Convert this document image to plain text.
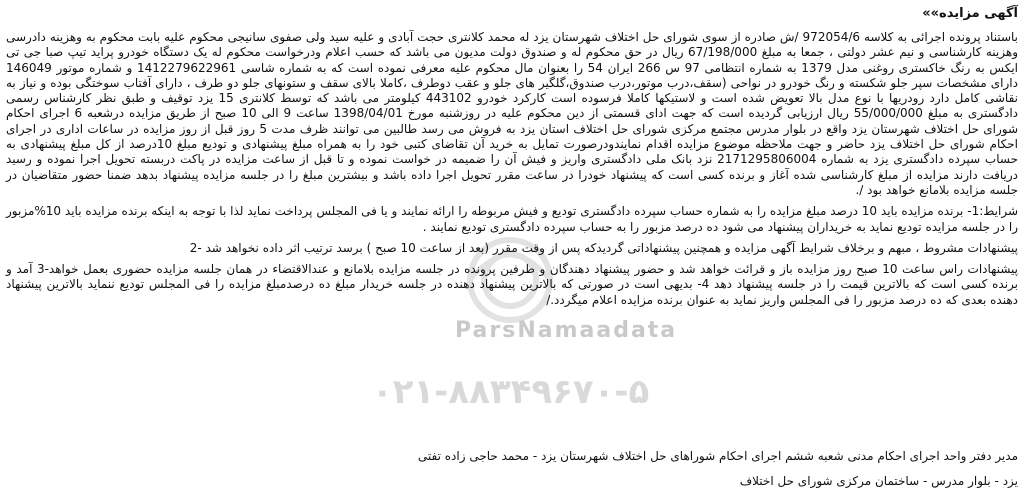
ParsNamaadata
۰۲۱-۸۸۳۴۹۶۷۰-۵
آگهی مزایده»»

باستناد پرونده اجرائی به کلاسه 972054/6 /ش صادره از سوی شورای حل اختلاف شهرستان یزد له محمد کلانتری حجت آبادی و علیه سید ولی صفوی سانیجی محکوم علیه بابت محکوم به وهزینه دادرسی وهزینه کارشناسی و نیم عشر دولتی ، جمعا به مبلغ 67/198/000 ریال در حق محکوم له و صندوق دولت مدیون می باشد که حسب اعلام ودرخواست محکوم له یک دستگاه خودرو پراید تیپ صبا جی تی ایکس به رنگ خاکستری روغنی مدل 1379 به شماره انتظامی 97 س 266 ایران 54 را بعنوان مال محکوم علیه معرفی نموده است که به شماره شاسی 1412279622961 و شماره موتور 146049 دارای مشخصات سپر جلو شکسته و رنگ خودرو در نواحی (سقف،درب موتور،درب صندوق،گلگیر های جلو و عقب دوطرف ،کاملا بالای سقف و ستونهای جلو دو طرف ، دارای آفتاب سوختگی بوده و نیاز به نقاشی کامل دارد رودریها با نوع مدل بالا تعویض شده است و لاستیکها کاملا فرسوده است کارکرد خودرو 443102 کیلومتر می باشد که توسط کلانتری 15 یزد توقیف و طبق نظر کارشناس رسمی دادگستری به مبلغ 55/000/000 ریال ارزیابی گردیده است که جهت ادای قسمتی از دین محکوم علیه در روزشنبه مورخ 1398/04/01 ساعت 9 الی 10 صبح از طریق مزایده درشعبه 6 اجرای احکام شورای حل اختلاف شهرستان یزد واقع در بلوار مدرس مجتمع مرکزی شورای حل اختلاف استان یزد به فروش می رسد طالبین می توانند ظرف مدت 5 روز قبل از روز مزایده در ساعات اداری در اجرای احکام شورای حل اختلاف یزد حاضر و جهت ملاحظه موضوع مزایده اقدام نمایندودرصورت تمایل به خرید آن تقاضای کتبی خود را به همراه مبلغ پیشنهادی و تودیع مبلغ 10درصد از کل مبلغ پیشنهادی به حساب سپرده دادگستری یزد به شماره 2171295806004 نزد بانک ملی دادگستری واریز و فیش آن را ضمیمه در خواست نموده و تا قبل از ساعت مزایده در پاکت دربسته تحویل اجرا نموده و رسید دریافت دارند مزایده از مبلغ کارشناسی شده آغاز و برنده کسی است که پیشنهاد خودرا در ساعت مقرر تحویل اجرا داده باشد و بیشترین مبلغ را در جلسه مزایده پیشنهاد بدهد ضمنا حضور متقاضیان در جلسه مزایده بلامانع خواهد بود /.

شرایط:1- برنده مزایده باید 10 درصد مبلغ مزایده را به شماره حساب سپرده دادگستری تودیع و فیش مربوطه را ارائه نمایند و یا فی المجلس پرداخت نماید لذا با توجه به اینکه برنده مزایده باید 10%مزبور را در جلسه مزایده تودیع نماید به خریداران پیشنهاد می شود ده درصد مزبور را به حساب سپرده دادگستری تودیع نمایند .

پیشنهادات مشروط ، مبهم و برخلاف شرایط آگهی مزایده و همچنین پیشنهاداتی گردیدکه پس از وقت مقرر (بعد از ساعت 10 صبح ) برسد ترتیب اثر داده نخواهد شد -2

پیشنهادات راس ساعت 10 صبح روز مزایده باز و قرائت خواهد شد و حضور پیشنهاد دهندگان و طرفین پرونده در جلسه مزایده بلامانع و عندالاقتضاء در همان جلسه مزایده حضوری بعمل خواهد-3 آمد و برنده کسی است که بالاترین قیمت را در جلسه پیشنهاد دهد 4- بدیهی است در صورتی که بالاترین پیشنهاد دهنده در جلسه خریدار مبلغ ده درصدمبلغ مزایده را فی المجلس تودیع ننماید بالاترین پیشنهاد دهنده بعدی که ده درصد مزبور را فی المجلس واریز نماید به عنوان برنده مزایده اعلام میگردد./

مدیر دفتر واحد اجرای احکام مدنی شعبه ششم اجرای احکام شوراهای حل اختلاف شهرستان یزد - محمد حاجی زاده تفتی
یزد - بلوار مدرس - ساختمان مرکزی شورای حل اختلاف
